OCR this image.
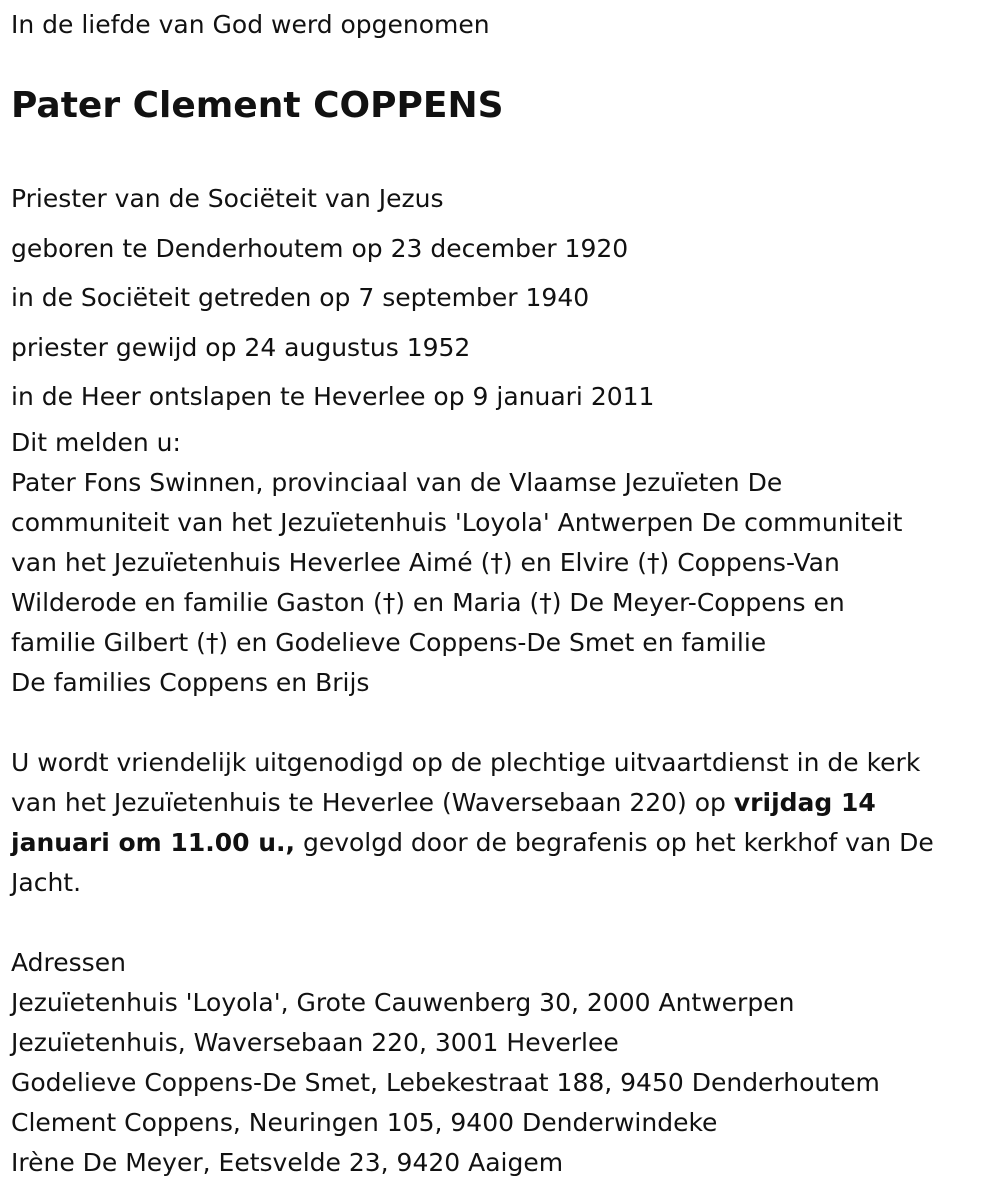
In de liefde van God werd opgenomen

Pater Clement COPPENS
Priester van de Sociëteit van Jezus
geboren te Denderhoutem op 23 december 1920
in de Sociëteit getreden op 7 september 1940
priester gewijd op 24 augustus 1952
in de Heer ontslapen te Heverlee op 9 januari 2011
Dit melden u:
Pater Fons Swinnen, provinciaal van de Vlaamse Jezuïeten De
communiteit van het Jezuïetenhuis 'Loyola' Antwerpen De communiteit
van het Jezuïetenhuis Heverlee Aimé (†) en Elvire (†) Coppens-Van
Wilderode en familie Gaston (†) en Maria (†) De Meyer-Coppens en
familie Gilbert (†) en Godelieve Coppens-De Smet en familie
De families Coppens en Brijs
U wordt vriendelijk uitgenodigd op de plechtige uitvaartdienst in de kerk
van het Jezuïetenhuis te Heverlee (Waversebaan 220) op vrijdag 14
januari om 11.00 u., gevolgd door de begrafenis op het kerkhof van De
Jacht.
Adressen
Jezuïetenhuis 'Loyola', Grote Cauwenberg 30, 2000 Antwerpen
Jezuïetenhuis, Waversebaan 220, 3001 Heverlee
Godelieve Coppens-De Smet, Lebekestraat 188, 9450 Denderhoutem
Clement Coppens, Neuringen 105, 9400 Denderwindeke
Irène De Meyer, Eetsvelde 23, 9420 Aaigem
